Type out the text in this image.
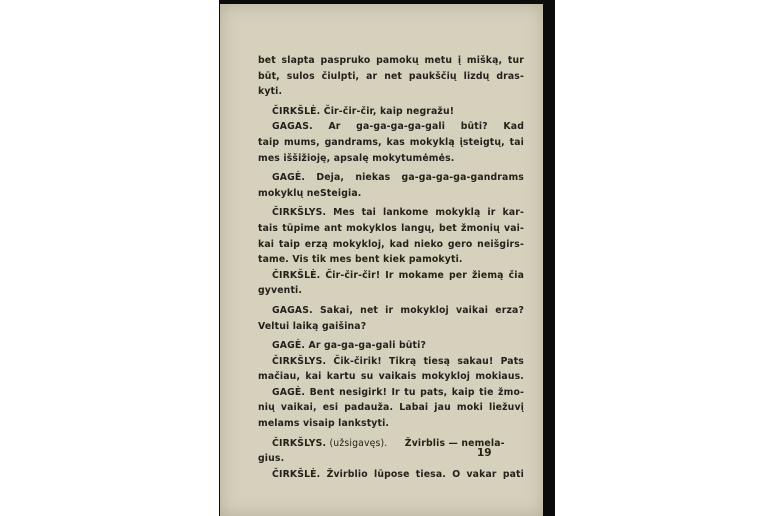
bet slapta paspruko pamokų metu į mišką, tur
būt, sulos čiulpti, ar net paukščių lizdų dras-
kyti.
ČIRKŠLĖ. Čir-čir-čir, kaip negražu!
GAGAS. Ar ga-ga-ga-ga-gali būti? Kad
taip mums, gandrams, kas mokyklą įsteigtų, tai
mes iššižioję, apsalę mokytumėmės.
GAGĖ. Deja, niekas ga-ga-ga-ga-gandrams
mokyklų neSteigia.
ČIRKŠLYS. Mes tai lankome mokyklą ir kar-
tais tūpime ant mokyklos langų, bet žmonių vai-
kai taip erzą mokykloj, kad nieko gero neišgirs-
tame. Vis tik mes bent kiek pamokyti.
ČIRKŠLĖ. Čir-čir-čir! Ir mokame per žiemą čia
gyventi.
GAGAS. Sakai, net ir mokykloj vaikai erza?
Veltui laiką gaišina?
GAGĖ. Ar ga-ga-ga-gali būti?
ČIRKŠLYS. Čik-čirik! Tikrą tiesą sakau! Pats
mačiau, kai kartu su vaikais mokykloj mokiaus.
GAGĖ. Bent nesigirk! Ir tu pats, kaip tie žmo-
nių vaikai, esi padauža. Labai jau moki liežuvį
melams visaip lankstyti.
ČIRKŠLYS. (užsigavęs). Žvirblis — nemela-
gius.
ČIRKŠLĖ. Žvirblio lūpose tiesa. O vakar pati
19
